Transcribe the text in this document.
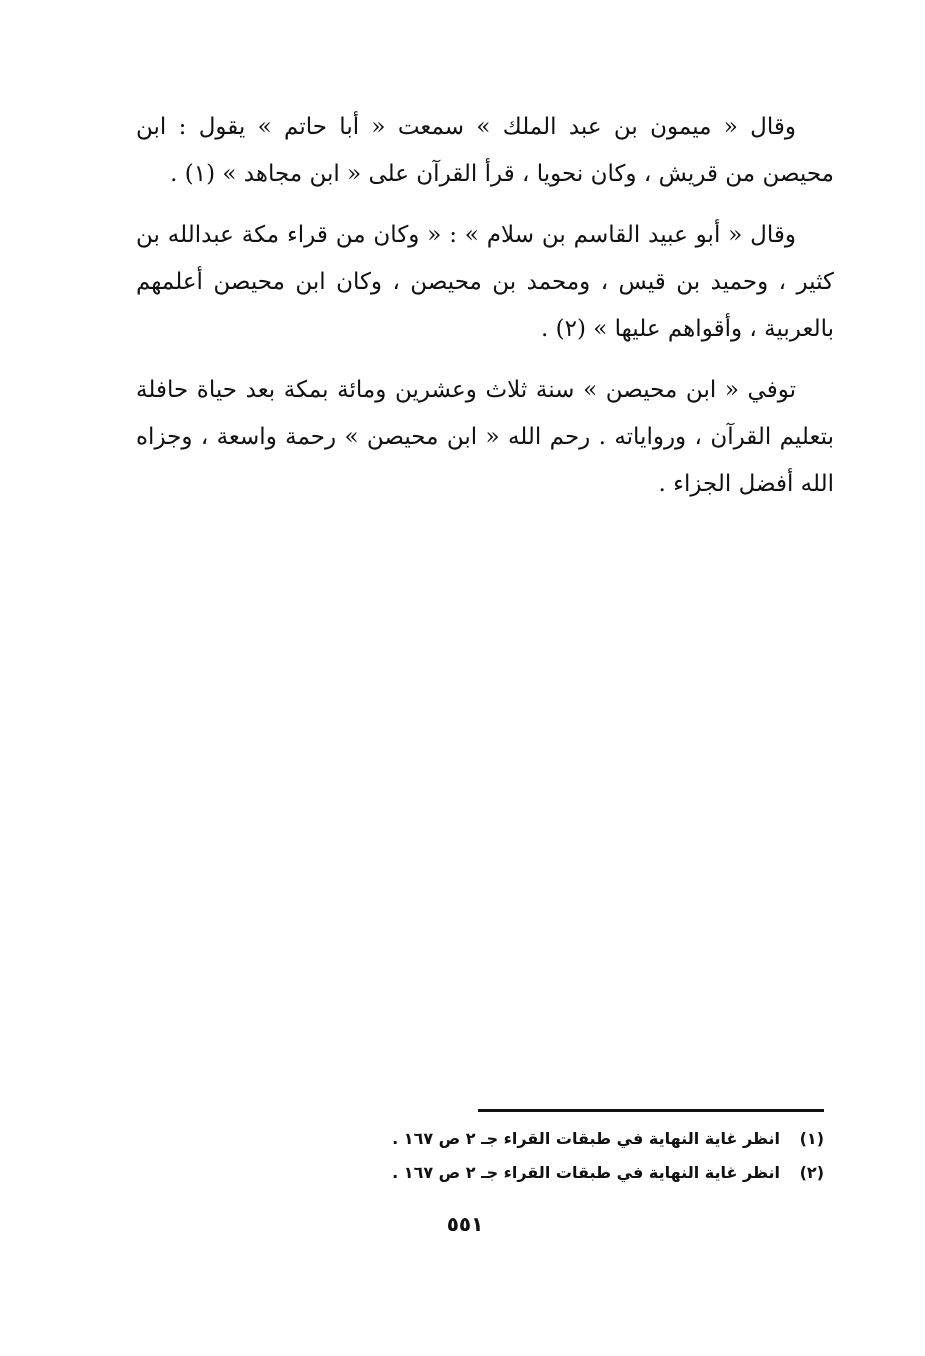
وقال « ميمون بن عبد الملك » سمعت « أبا حاتم » يقول : ابن محيصن من قريش ، وكان نحويا ، قرأ القرآن على « ابن مجاهد » (١) .

وقال « أبو عبيد القاسم بن سلام » : « وكان من قراء مكة عبدالله بن كثير ، وحميد بن قيس ، ومحمد بن محيصن ، وكان ابن محيصن أعلمهم بالعربية ، وأقواهم عليها » (٢) .

توفي « ابن محيصن » سنة ثلاث وعشرين ومائة بمكة بعد حياة حافلة بتعليم القرآن ، ورواياته . رحم الله « ابن محيصن » رحمة واسعة ، وجزاه الله أفضل الجزاء .

(١)
انظر غاية النهاية في طبقات القراء جـ ٢ ص ١٦٧ .
(٢)
انظر غاية النهاية في طبقات القراء جـ ٢ ص ١٦٧ .
٥٥١
